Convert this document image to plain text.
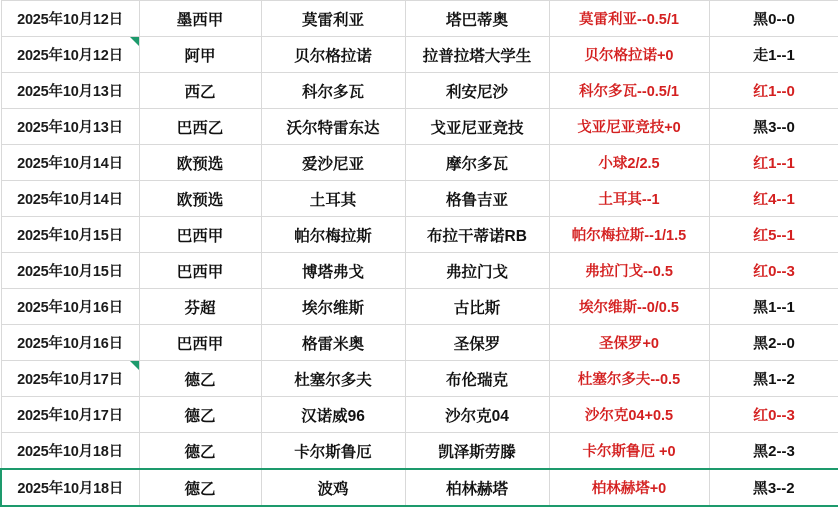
2025年10月12日	墨西甲	莫雷利亚	塔巴蒂奥	莫雷利亚--0.5/1	黑0--0
2025年10月12日	阿甲	贝尔格拉诺	拉普拉塔大学生	贝尔格拉诺+0	走1--1
2025年10月13日	西乙	科尔多瓦	利安尼沙	科尔多瓦--0.5/1	红1--0
2025年10月13日	巴西乙	沃尔特雷东达	戈亚尼亚竞技	戈亚尼亚竞技+0	黑3--0
2025年10月14日	欧预选	爱沙尼亚	摩尔多瓦	小球2/2.5	红1--1
2025年10月14日	欧预选	土耳其	格鲁吉亚	土耳其--1	红4--1
2025年10月15日	巴西甲	帕尔梅拉斯	布拉干蒂诺RB	帕尔梅拉斯--1/1.5	红5--1
2025年10月15日	巴西甲	博塔弗戈	弗拉门戈	弗拉门戈--0.5	红0--3
2025年10月16日	芬超	埃尔维斯	古比斯	埃尔维斯--0/0.5	黑1--1
2025年10月16日	巴西甲	格雷米奥	圣保罗	圣保罗+0	黑2--0
2025年10月17日	德乙	杜塞尔多夫	布伦瑞克	杜塞尔多夫--0.5	黑1--2
2025年10月17日	德乙	汉诺威96	沙尔克04	沙尔克04+0.5	红0--3
2025年10月18日	德乙	卡尔斯鲁厄	凯泽斯劳滕	卡尔斯鲁厄 +0	黑2--3
2025年10月18日	德乙	波鸡	柏林赫塔	柏林赫塔+0	黑3--2
